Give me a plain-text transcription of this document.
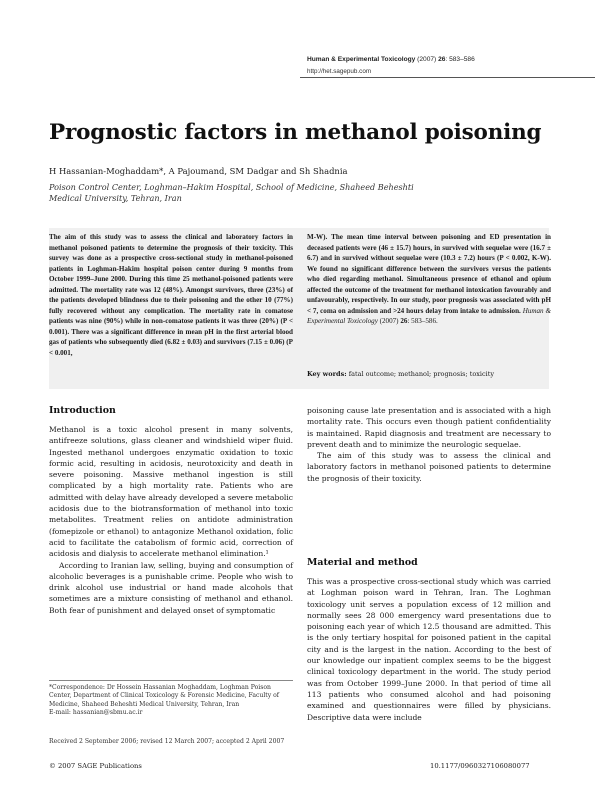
Human & Experimental Toxicology (2007) 26: 583–586
http://het.sagepub.com
Prognostic factors in methanol poisoning
H Hassanian-Moghaddam*, A Pajoumand, SM Dadgar and Sh Shadnia
Poison Control Center, Loghman–Hakim Hospital, School of Medicine, Shaheed Beheshti Medical University, Tehran, Iran
The aim of this study was to assess the clinical and laboratory factors in methanol poisoned patients to determine the prognosis of their toxicity. This survey was done as a prospective cross-sectional study in methanol-poisoned patients in Loghman-Hakim hospital poison center during 9 months from October 1999–June 2000. During this time 25 methanol-poisoned patients were admitted. The mortality rate was 12 (48%). Amongst survivors, three (23%) of the patients developed blindness due to their poisoning and the other 10 (77%) fully recovered without any complication. The mortality rate in comatose patients was nine (90%) while in non-comatose patients it was three (20%) (P < 0.001). There was a significant difference in mean pH in the first arterial blood gas of patients who subsequently died (6.82 ± 0.03) and survivors (7.15 ± 0.06) (P < 0.001,
M-W). The mean time interval between poisoning and ED presentation in deceased patients were (46 ± 15.7) hours, in survived with sequelae were (16.7 ± 6.7) and in survived without sequelae were (10.3 ± 7.2) hours (P < 0.002, K-W). We found no significant difference between the survivors versus the patients who died regarding methanol. Simultaneous presence of ethanol and opium affected the outcome of the treatment for methanol intoxication favourably and unfavourably, respectively. In our study, poor prognosis was associated with pH < 7, coma on admission and >24 hours delay from intake to admission. Human & Experimental Toxicology (2007) 26: 583–586.
Key words: fatal outcome; methanol; prognosis; toxicity
Introduction

Methanol is a toxic alcohol present in many solvents, antifreeze solutions, glass cleaner and windshield wiper fluid. Ingested methanol undergoes enzymatic oxidation to toxic formic acid, resulting in acidosis, neurotoxicity and death in severe poisoning. Massive methanol ingestion is still complicated by a high mortality rate. Patients who are admitted with delay have already developed a severe metabolic acidosis due to the biotransformation of methanol into toxic metabolites. Treatment relies on antidote administration (fomepizole or ethanol) to antagonize Methanol oxidation, folic acid to facilitate the catabolism of formic acid, correction of acidosis and dialysis to accelerate methanol elimination.¹

According to Iranian law, selling, buying and consumption of alcoholic beverages is a punishable crime. People who wish to drink alcohol use industrial or hand made alcohols that sometimes are a mixture consisting of methanol and ethanol. Both fear of punishment and delayed onset of symptomatic

poisoning cause late presentation and is associated with a high mortality rate. This occurs even though patient confidentiality is maintained. Rapid diagnosis and treatment are necessary to prevent death and to minimize the neurologic sequelae.

The aim of this study was to assess the clinical and laboratory factors in methanol poisoned patients to determine the prognosis of their toxicity.

Material and method

This was a prospective cross-sectional study which was carried at Loghman poison ward in Tehran, Iran. The Loghman toxicology unit serves a population excess of 12 million and normally sees 28 000 emergency ward presentations due to poisoning each year of which 12.5 thousand are admitted. This is the only tertiary hospital for poisoned patient in the capital city and is the largest in the nation. According to the best of our knowledge our inpatient complex seems to be the biggest clinical toxicology department in the world. The study period was from October 1999–June 2000. In that period of time all 113 patients who consumed alcohol and had poisoning examined and questionnaires were filled by physicians. Descriptive data were include

*Correspondence: Dr Hossein Hassanian Moghaddam, Loghman Poison Center, Department of Clinical Toxicology & Forensic Medicine, Faculty of Medicine, Shaheed Beheshti Medical University, Tehran, Iran

E-mail: hassanian@sbmu.ac.ir

Received 2 September 2006; revised 12 March 2007; accepted 2 April 2007
© 2007 SAGE Publications	10.1177/0960327106080077
